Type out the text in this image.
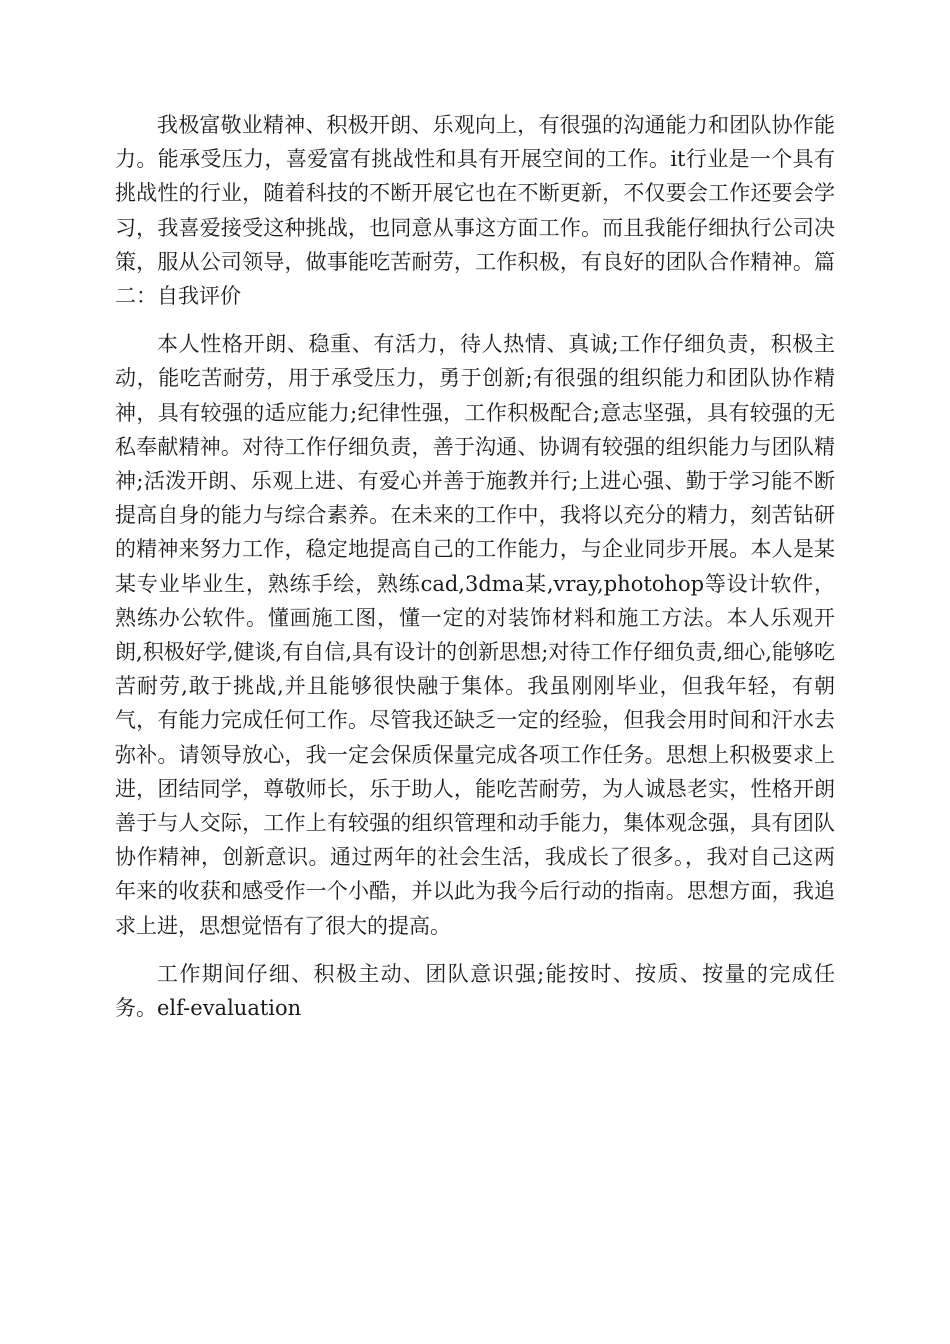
我极富敬业精神、积极开朗、乐观向上，有很强的沟通能力和团队协作能力。能承受压力，喜爱富有挑战性和具有开展空间的工作。it行业是一个具有挑战性的行业，随着科技的不断开展它也在不断更新，不仅要会工作还要会学习，我喜爱接受这种挑战，也同意从事这方面工作。而且我能仔细执行公司决策，服从公司领导，做事能吃苦耐劳，工作积极，有良好的团队合作精神。篇二：自我评价

本人性格开朗、稳重、有活力，待人热情、真诚;工作仔细负责，积极主动，能吃苦耐劳，用于承受压力，勇于创新;有很强的组织能力和团队协作精神，具有较强的适应能力;纪律性强，工作积极配合;意志坚强，具有较强的无私奉献精神。对待工作仔细负责，善于沟通、协调有较强的组织能力与团队精神;活泼开朗、乐观上进、有爱心并善于施教并行;上进心强、勤于学习能不断提高自身的能力与综合素养。在未来的工作中，我将以充分的精力，刻苦钻研的精神来努力工作，稳定地提高自己的工作能力，与企业同步开展。本人是某某专业毕业生，熟练手绘，熟练cad,3dma某,vray,photohop等设计软件，熟练办公软件。懂画施工图，懂一定的对装饰材料和施工方法。本人乐观开朗,积极好学,健谈,有自信,具有设计的创新思想;对待工作仔细负责,细心,能够吃苦耐劳,敢于挑战,并且能够很快融于集体。我虽刚刚毕业，但我年轻，有朝气，有能力完成任何工作。尽管我还缺乏一定的经验，但我会用时间和汗水去弥补。请领导放心，我一定会保质保量完成各项工作任务。思想上积极要求上进，团结同学，尊敬师长，乐于助人，能吃苦耐劳，为人诚恳老实，性格开朗善于与人交际，工作上有较强的组织管理和动手能力，集体观念强，具有团队协作精神，创新意识。通过两年的社会生活，我成长了很多。，我对自己这两年来的收获和感受作一个小酷，并以此为我今后行动的指南。思想方面，我追求上进，思想觉悟有了很大的提高。

工作期间仔细、积极主动、团队意识强;能按时、按质、按量的完成任务。elf-evaluation
